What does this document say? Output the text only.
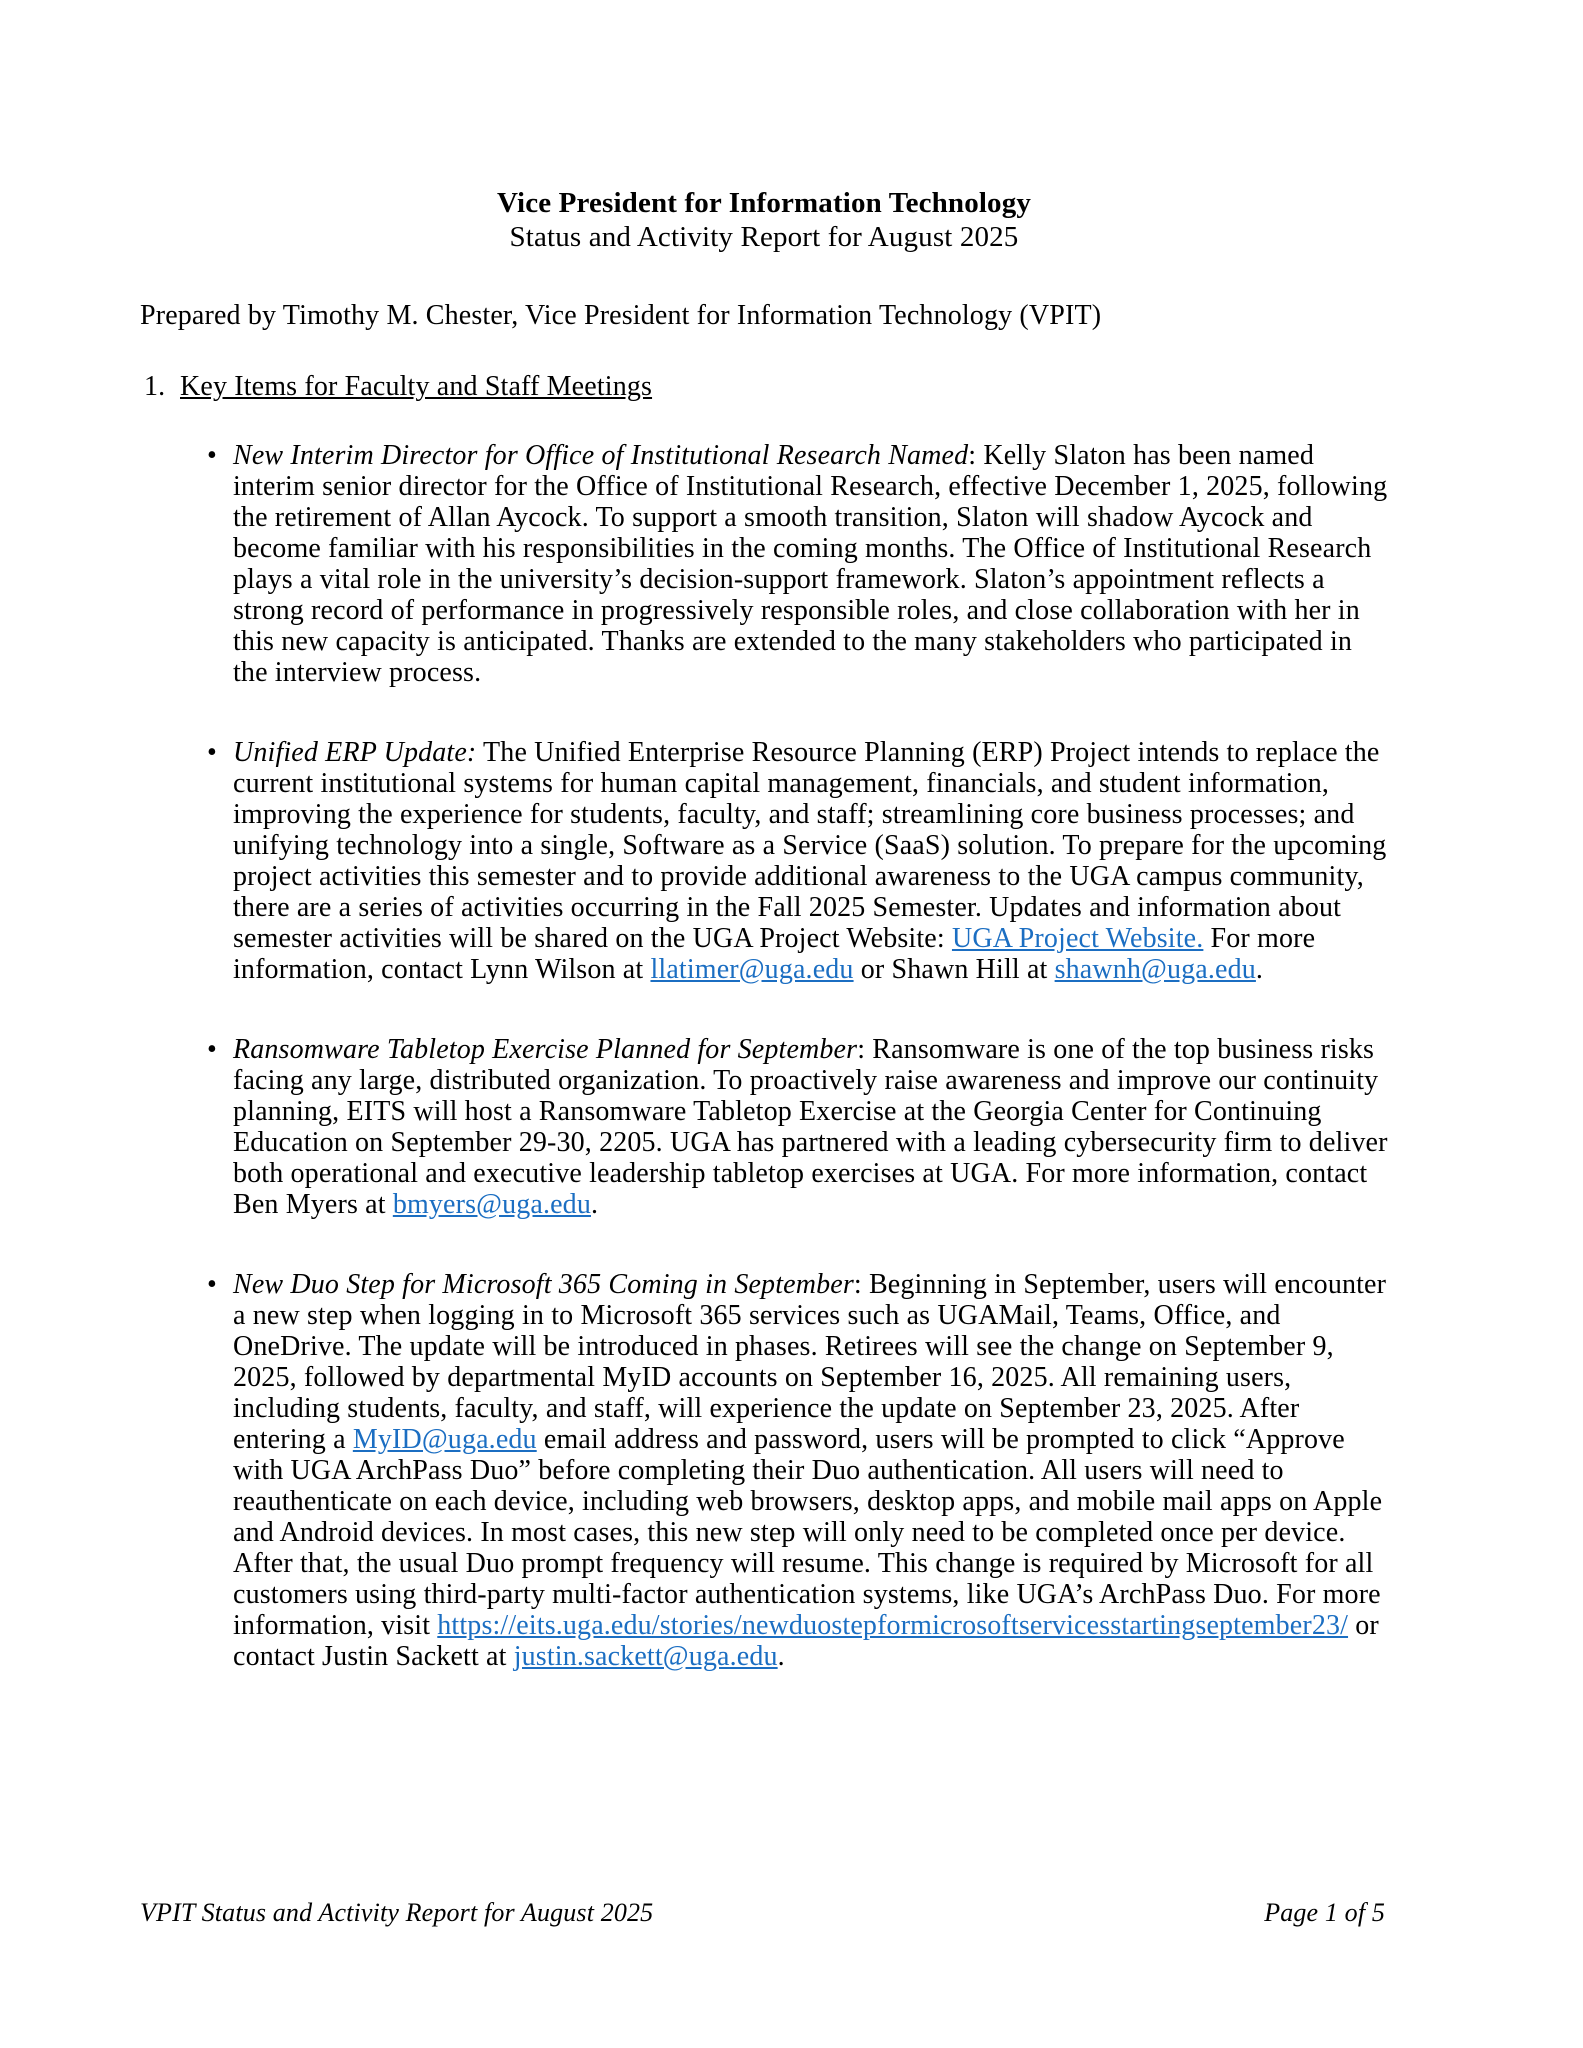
Vice President for Information Technology
Status and Activity Report for August 2025

Prepared by Timothy M. Chester, Vice President for Information Technology (VPIT)

1. Key Items for Faculty and Staff Meetings
• New Interim Director for Office of Institutional Research Named: Kelly Slaton has been named interim senior director for the Office of Institutional Research, effective December 1, 2025, following the retirement of Allan Aycock. To support a smooth transition, Slaton will shadow Aycock and become familiar with his responsibilities in the coming months. The Office of Institutional Research plays a vital role in the university’s decision-support framework. Slaton’s appointment reflects a strong record of performance in progressively responsible roles, and close collaboration with her in this new capacity is anticipated. Thanks are extended to the many stakeholders who participated in the interview process.
• Unified ERP Update: The Unified Enterprise Resource Planning (ERP) Project intends to replace the current institutional systems for human capital management, financials, and student information, improving the experience for students, faculty, and staff; streamlining core business processes; and unifying technology into a single, Software as a Service (SaaS) solution. To prepare for the upcoming project activities this semester and to provide additional awareness to the UGA campus community, there are a series of activities occurring in the Fall 2025 Semester. Updates and information about semester activities will be shared on the UGA Project Website: UGA Project Website. For more information, contact Lynn Wilson at llatimer@uga.edu or Shawn Hill at shawnh@uga.edu.
• Ransomware Tabletop Exercise Planned for September: Ransomware is one of the top business risks facing any large, distributed organization. To proactively raise awareness and improve our continuity planning, EITS will host a Ransomware Tabletop Exercise at the Georgia Center for Continuing Education on September 29-30, 2205. UGA has partnered with a leading cybersecurity firm to deliver both operational and executive leadership tabletop exercises at UGA. For more information, contact Ben Myers at bmyers@uga.edu.
• New Duo Step for Microsoft 365 Coming in September: Beginning in September, users will encounter a new step when logging in to Microsoft 365 services such as UGAMail, Teams, Office, and OneDrive. The update will be introduced in phases. Retirees will see the change on September 9, 2025, followed by departmental MyID accounts on September 16, 2025. All remaining users, including students, faculty, and staff, will experience the update on September 23, 2025. After entering a MyID@uga.edu email address and password, users will be prompted to click “Approve with UGA ArchPass Duo” before completing their Duo authentication. All users will need to reauthenticate on each device, including web browsers, desktop apps, and mobile mail apps on Apple and Android devices. In most cases, this new step will only need to be completed once per device. After that, the usual Duo prompt frequency will resume. This change is required by Microsoft for all customers using third-party multi-factor authentication systems, like UGA’s ArchPass Duo. For more information, visit https://eits.uga.edu/stories/newduostepformicrosoftservicesstartingseptember23/ or contact Justin Sackett at justin.sackett@uga.edu.
VPIT Status and Activity Report for August 2025	Page 1 of 5
